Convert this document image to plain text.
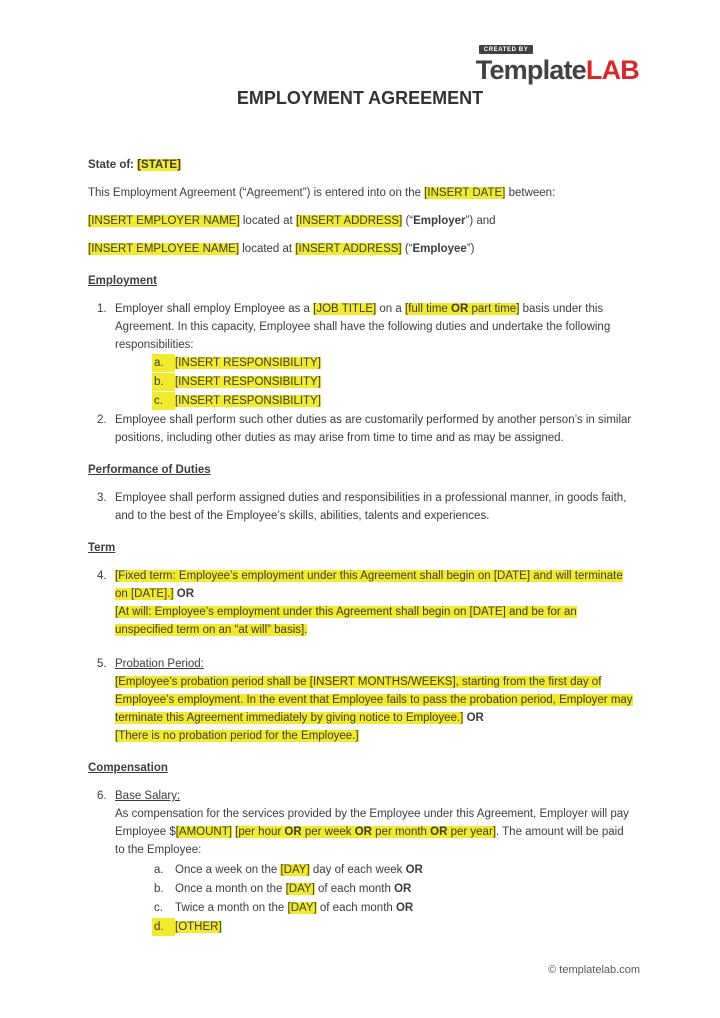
CREATED BY
TemplateLAB
EMPLOYMENT AGREEMENT
State of: [STATE]
This Employment Agreement (“Agreement”) is entered into on the [INSERT DATE] between:
[INSERT EMPLOYER NAME] located at [INSERT ADDRESS] (“Employer”) and
[INSERT EMPLOYEE NAME] located at [INSERT ADDRESS] (“Employee”)
Employment
1. Employer shall employ Employee as a [JOB TITLE] on a [full time OR part time] basis under this Agreement. In this capacity, Employee shall have the following duties and undertake the following responsibilities:
a. [INSERT RESPONSIBILITY]
b. [INSERT RESPONSIBILITY]
c.	[INSERT RESPONSIBILITY]
2. Employee shall perform such other duties as are customarily performed by another person’s in similar positions, including other duties as may arise from time to time and as may be assigned.
Performance of Duties
3. Employee shall perform assigned duties and responsibilities in a professional manner, in goods faith, and to the best of the Employee’s skills, abilities, talents and experiences.
Term
4. [Fixed term: Employee’s employment under this Agreement shall begin on [DATE] and will terminate on [DATE].] OR
[At will: Employee’s employment under this Agreement shall begin on [DATE] and be for an unspecified term on an “at will” basis].
5. Probation Period:
[Employee’s probation period shall be [INSERT MONTHS/WEEKS], starting from the first day of Employee’s employment. In the event that Employee fails to pass the probation period, Employer may terminate this Agreement immediately by giving notice to Employee.] OR
[There is no probation period for the Employee.]
Compensation
6. Base Salary:
As compensation for the services provided by the Employee under this Agreement, Employer will pay Employee $[AMOUNT] [per hour OR per week OR per month OR per year]. The amount will be paid to the Employee:
a. Once a week on the [DAY] day of each week OR
b. Once a month on the [DAY] of each month OR
c.	Twice a month on the [DAY] of each month OR
d. [OTHER]
© templatelab.com
